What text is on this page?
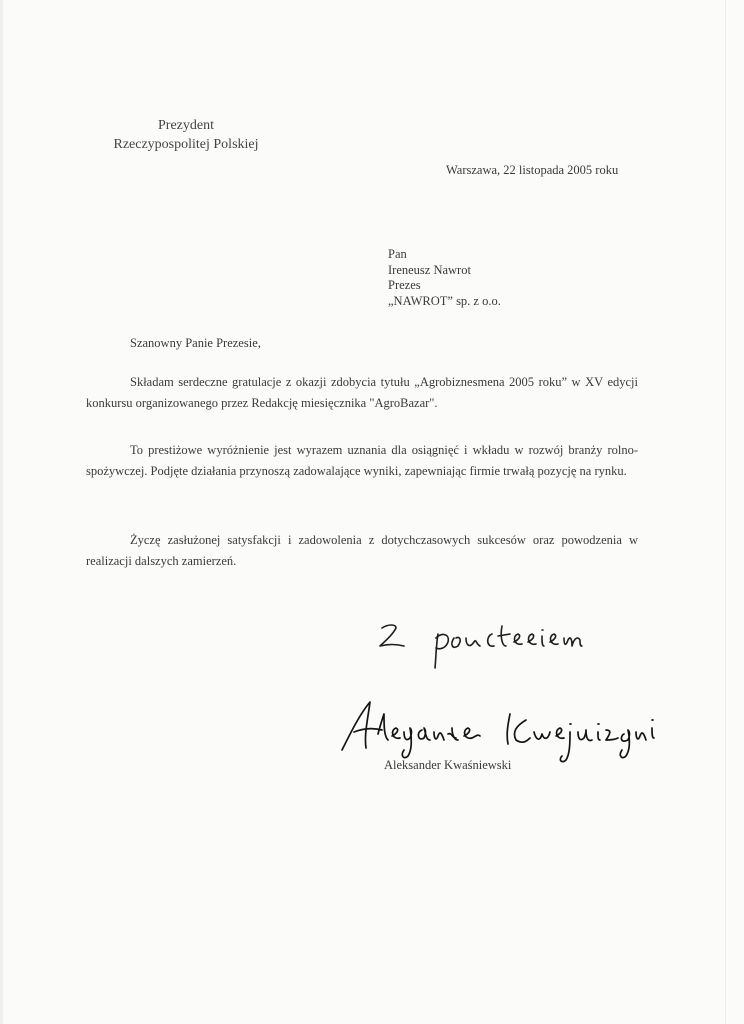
Prezydent
Rzeczypospolitej Polskiej
Warszawa, 22 listopada 2005 roku
Pan
Ireneusz Nawrot
Prezes
„NAWROT” sp. z o.o.
Szanowny Panie Prezesie,

Składam serdeczne gratulacje z okazji zdobycia tytułu „Agrobiznesmena 2005 roku” w XV edycji konkursu organizowanego przez Redakcję miesięcznika "AgroBazar".

To prestiżowe wyróżnienie jest wyrazem uznania dla osiągnięć i wkładu w rozwój branży rolno-spożywczej. Podjęte działania przynoszą zadowalające wyniki, zapewniając firmie trwałą pozycję na rynku.

Życzę zasłużonej satysfakcji i zadowolenia z dotychczasowych sukcesów oraz powodzenia w realizacji dalszych zamierzeń.

Aleksander Kwaśniewski
